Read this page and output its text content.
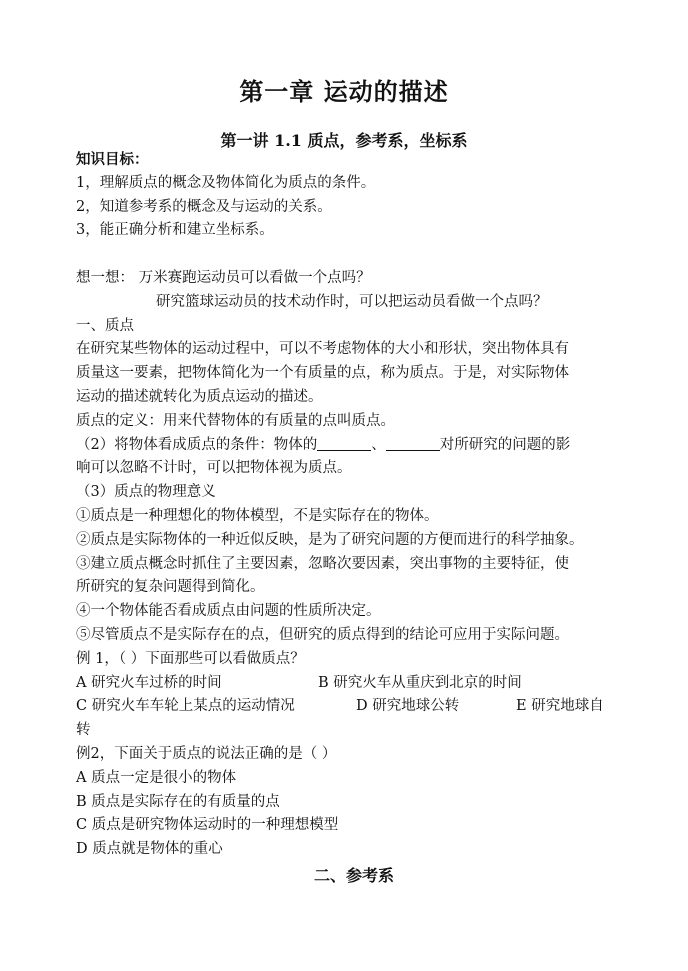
第一章 运动的描述
第一讲 1.1 质点，参考系，坐标系
知识目标：
1，理解质点的概念及物体简化为质点的条件。
2，知道参考系的概念及与运动的关系。
3，能正确分析和建立坐标系。
想一想： 万米赛跑运动员可以看做一个点吗？
研究篮球运动员的技术动作时，可以把运动员看做一个点吗？
一、质点
在研究某些物体的运动过程中，可以不考虑物体的大小和形状，突出物体具有
质量这一要素，把物体简化为一个有质量的点，称为质点。于是，对实际物体
运动的描述就转化为质点运动的描述。
质点的定义：用来代替物体的有质量的点叫质点。
（2）将物体看成质点的条件：物体的	、	对所研究的问题的影
响可以忽略不计时，可以把物体视为质点。
（3）质点的物理意义
①质点是一种理想化的物体模型，不是实际存在的物体。
②质点是实际物体的一种近似反映，是为了研究问题的方便而进行的科学抽象。
③建立质点概念时抓住了主要因素，忽略次要因素，突出事物的主要特征，使
所研究的复杂问题得到简化。
④一个物体能否看成质点由问题的性质所决定。
⑤尽管质点不是实际存在的点，但研究的质点得到的结论可应用于实际问题。
例 1，（ ）下面那些可以看做质点？
A 研究火车过桥的时间	B 研究火车从重庆到北京的时间
C 研究火车车轮上某点的运动情况	D 研究地球公转	E 研究地球自
转
例2，下面关于质点的说法正确的是（ ）
A 质点一定是很小的物体
B 质点是实际存在的有质量的点
C 质点是研究物体运动时的一种理想模型
D 质点就是物体的重心
二、参考系
